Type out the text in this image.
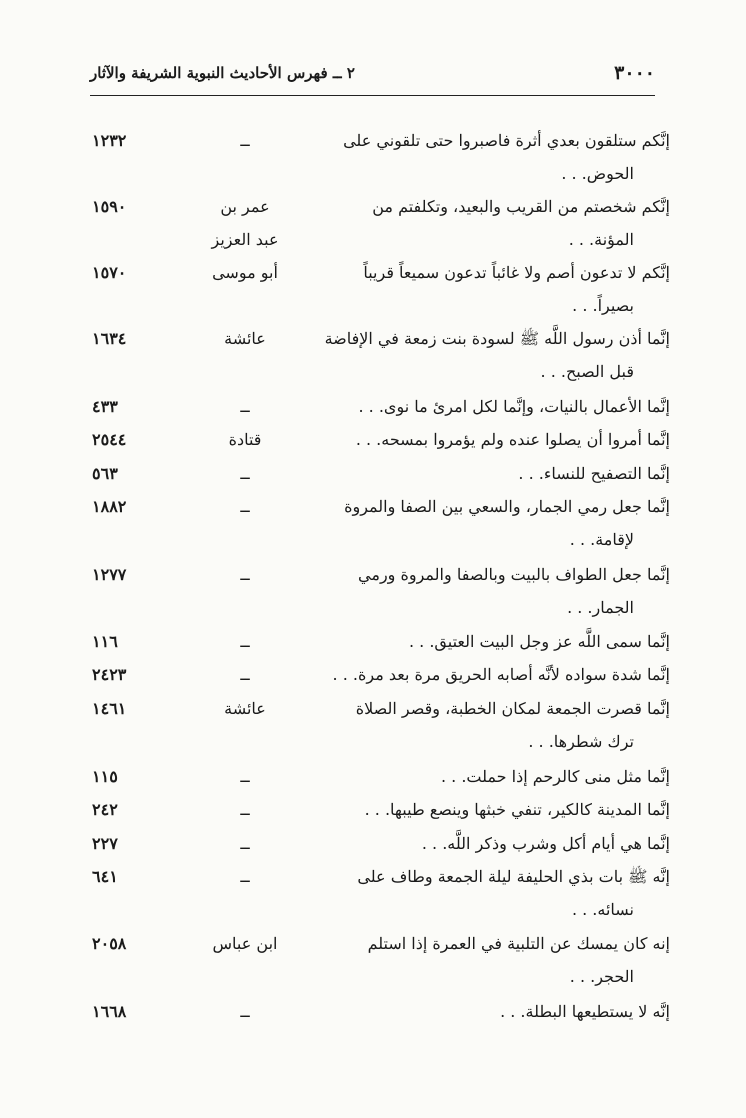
٣٠٠٠
٢ ــ فهرس الأحاديث النبوية الشريفة والآثار
إنَّكم ستلقون بعدي أثرة فاصبروا حتى تلقوني على
الحوض. . .
ــ
١٢٣٢
إنَّكم شخصتم من القريب والبعيد، وتكلفتم من
المؤنة. . .
عمر بن
عبد العزيز
١٥٩٠
إنَّكم لا تدعون أصم ولا غائباً تدعون سميعاً قريباً
بصيراً. . .
أبو موسى
١٥٧٠
إنَّما أذن رسول اللَّه ﷺ لسودة بنت زمعة في الإفاضة
قبل الصبح. . .
عائشة
١٦٣٤
إنَّما الأعمال بالنيات، وإنَّما لكل امرئ ما نوى. . .
ــ
٤٣٣
إنَّما أمروا أن يصلوا عنده ولم يؤمروا بمسحه. . .
قتادة
٢٥٤٤
إنَّما التصفيح للنساء. . .
ــ
٥٦٣
إنَّما جعل رمي الجمار، والسعي بين الصفا والمروة
لإقامة. . .
ــ
١٨٨٢
إنَّما جعل الطواف بالبيت وبالصفا والمروة ورمي
الجمار. . .
ــ
١٢٧٧
إنَّما سمى اللَّه عز وجل البيت العتيق. . .
ــ
١١٦
إنَّما شدة سواده لأنَّه أصابه الحريق مرة بعد مرة. . .
ــ
٢٤٢٣
إنَّما قصرت الجمعة لمكان الخطبة، وقصر الصلاة
ترك شطرها. . .
عائشة
١٤٦١
إنَّما مثل منى كالرحم إذا حملت. . .
ــ
١١٥
إنَّما المدينة كالكير، تنفي خبثها وينصع طيبها. . .
ــ
٢٤٢
إنَّما هي أيام أكل وشرب وذكر اللَّه. . .
ــ
٢٢٧
إنَّه ﷺ بات بذي الحليفة ليلة الجمعة وطاف على
نسائه. . .
ــ
٦٤١
إنه كان يمسك عن التلبية في العمرة إذا استلم
الحجر. . .
ابن عباس
٢٠٥٨
إنَّه لا يستطيعها البطلة. . .
ــ
١٦٦٨
